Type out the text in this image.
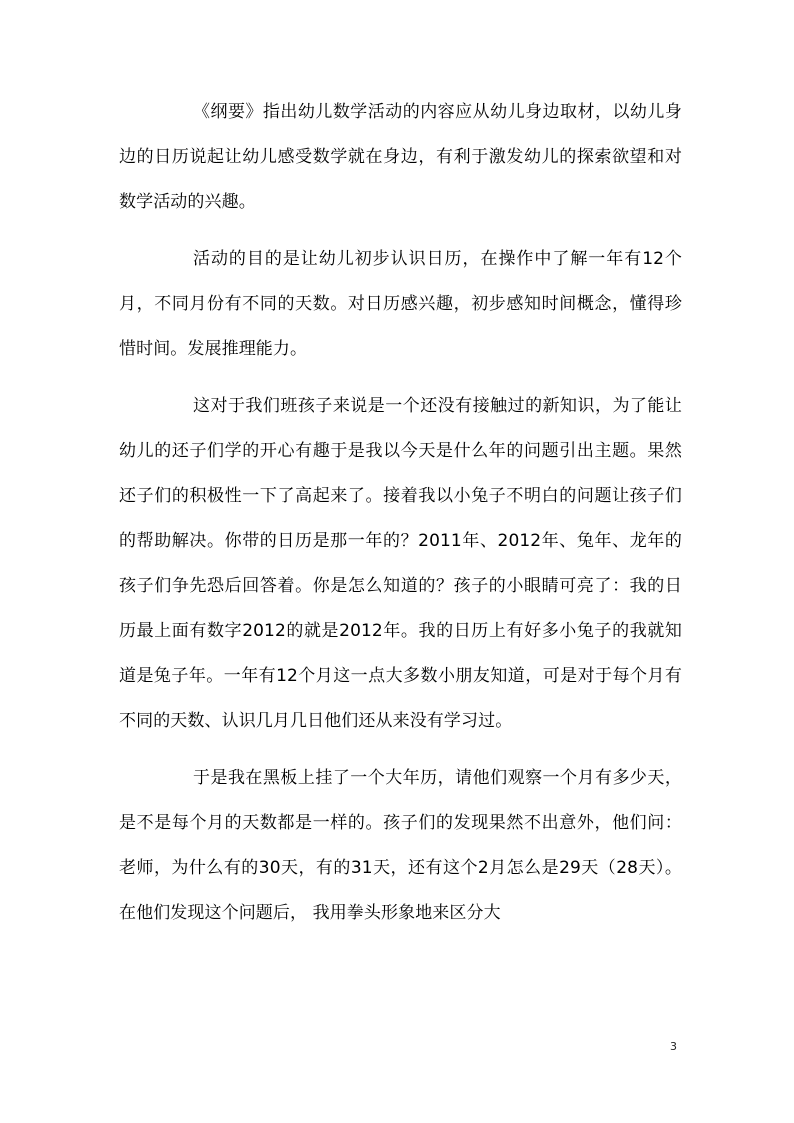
《纲要》指出幼儿数学活动的内容应从幼儿身边取材，以幼儿身边的日历说起让幼儿感受数学就在身边，有利于激发幼儿的探索欲望和对数学活动的兴趣。

活动的目的是让幼儿初步认识日历，在操作中了解一年有12个月，不同月份有不同的天数。对日历感兴趣，初步感知时间概念，懂得珍惜时间。发展推理能力。

这对于我们班孩子来说是一个还没有接触过的新知识，为了能让幼儿的还子们学的开心有趣于是我以今天是什么年的问题引出主题。果然还子们的积极性一下了高起来了。接着我以小兔子不明白的问题让孩子们的帮助解决。你带的日历是那一年的？2011年、2012年、兔年、龙年的孩子们争先恐后回答着。你是怎么知道的？孩子的小眼睛可亮了：我的日历最上面有数字2012的就是2012年。我的日历上有好多小兔子的我就知道是兔子年。一年有12个月这一点大多数小朋友知道，可是对于每个月有不同的天数、认识几月几日他们还从来没有学习过。

于是我在黑板上挂了一个大年历，请他们观察一个月有多少天，是不是每个月的天数都是一样的。孩子们的发现果然不出意外，他们问：老师，为什么有的30天，有的31天，还有这个2月怎么是29天（28天）。在他们发现这个问题后， 我用拳头形象地来区分大

3
